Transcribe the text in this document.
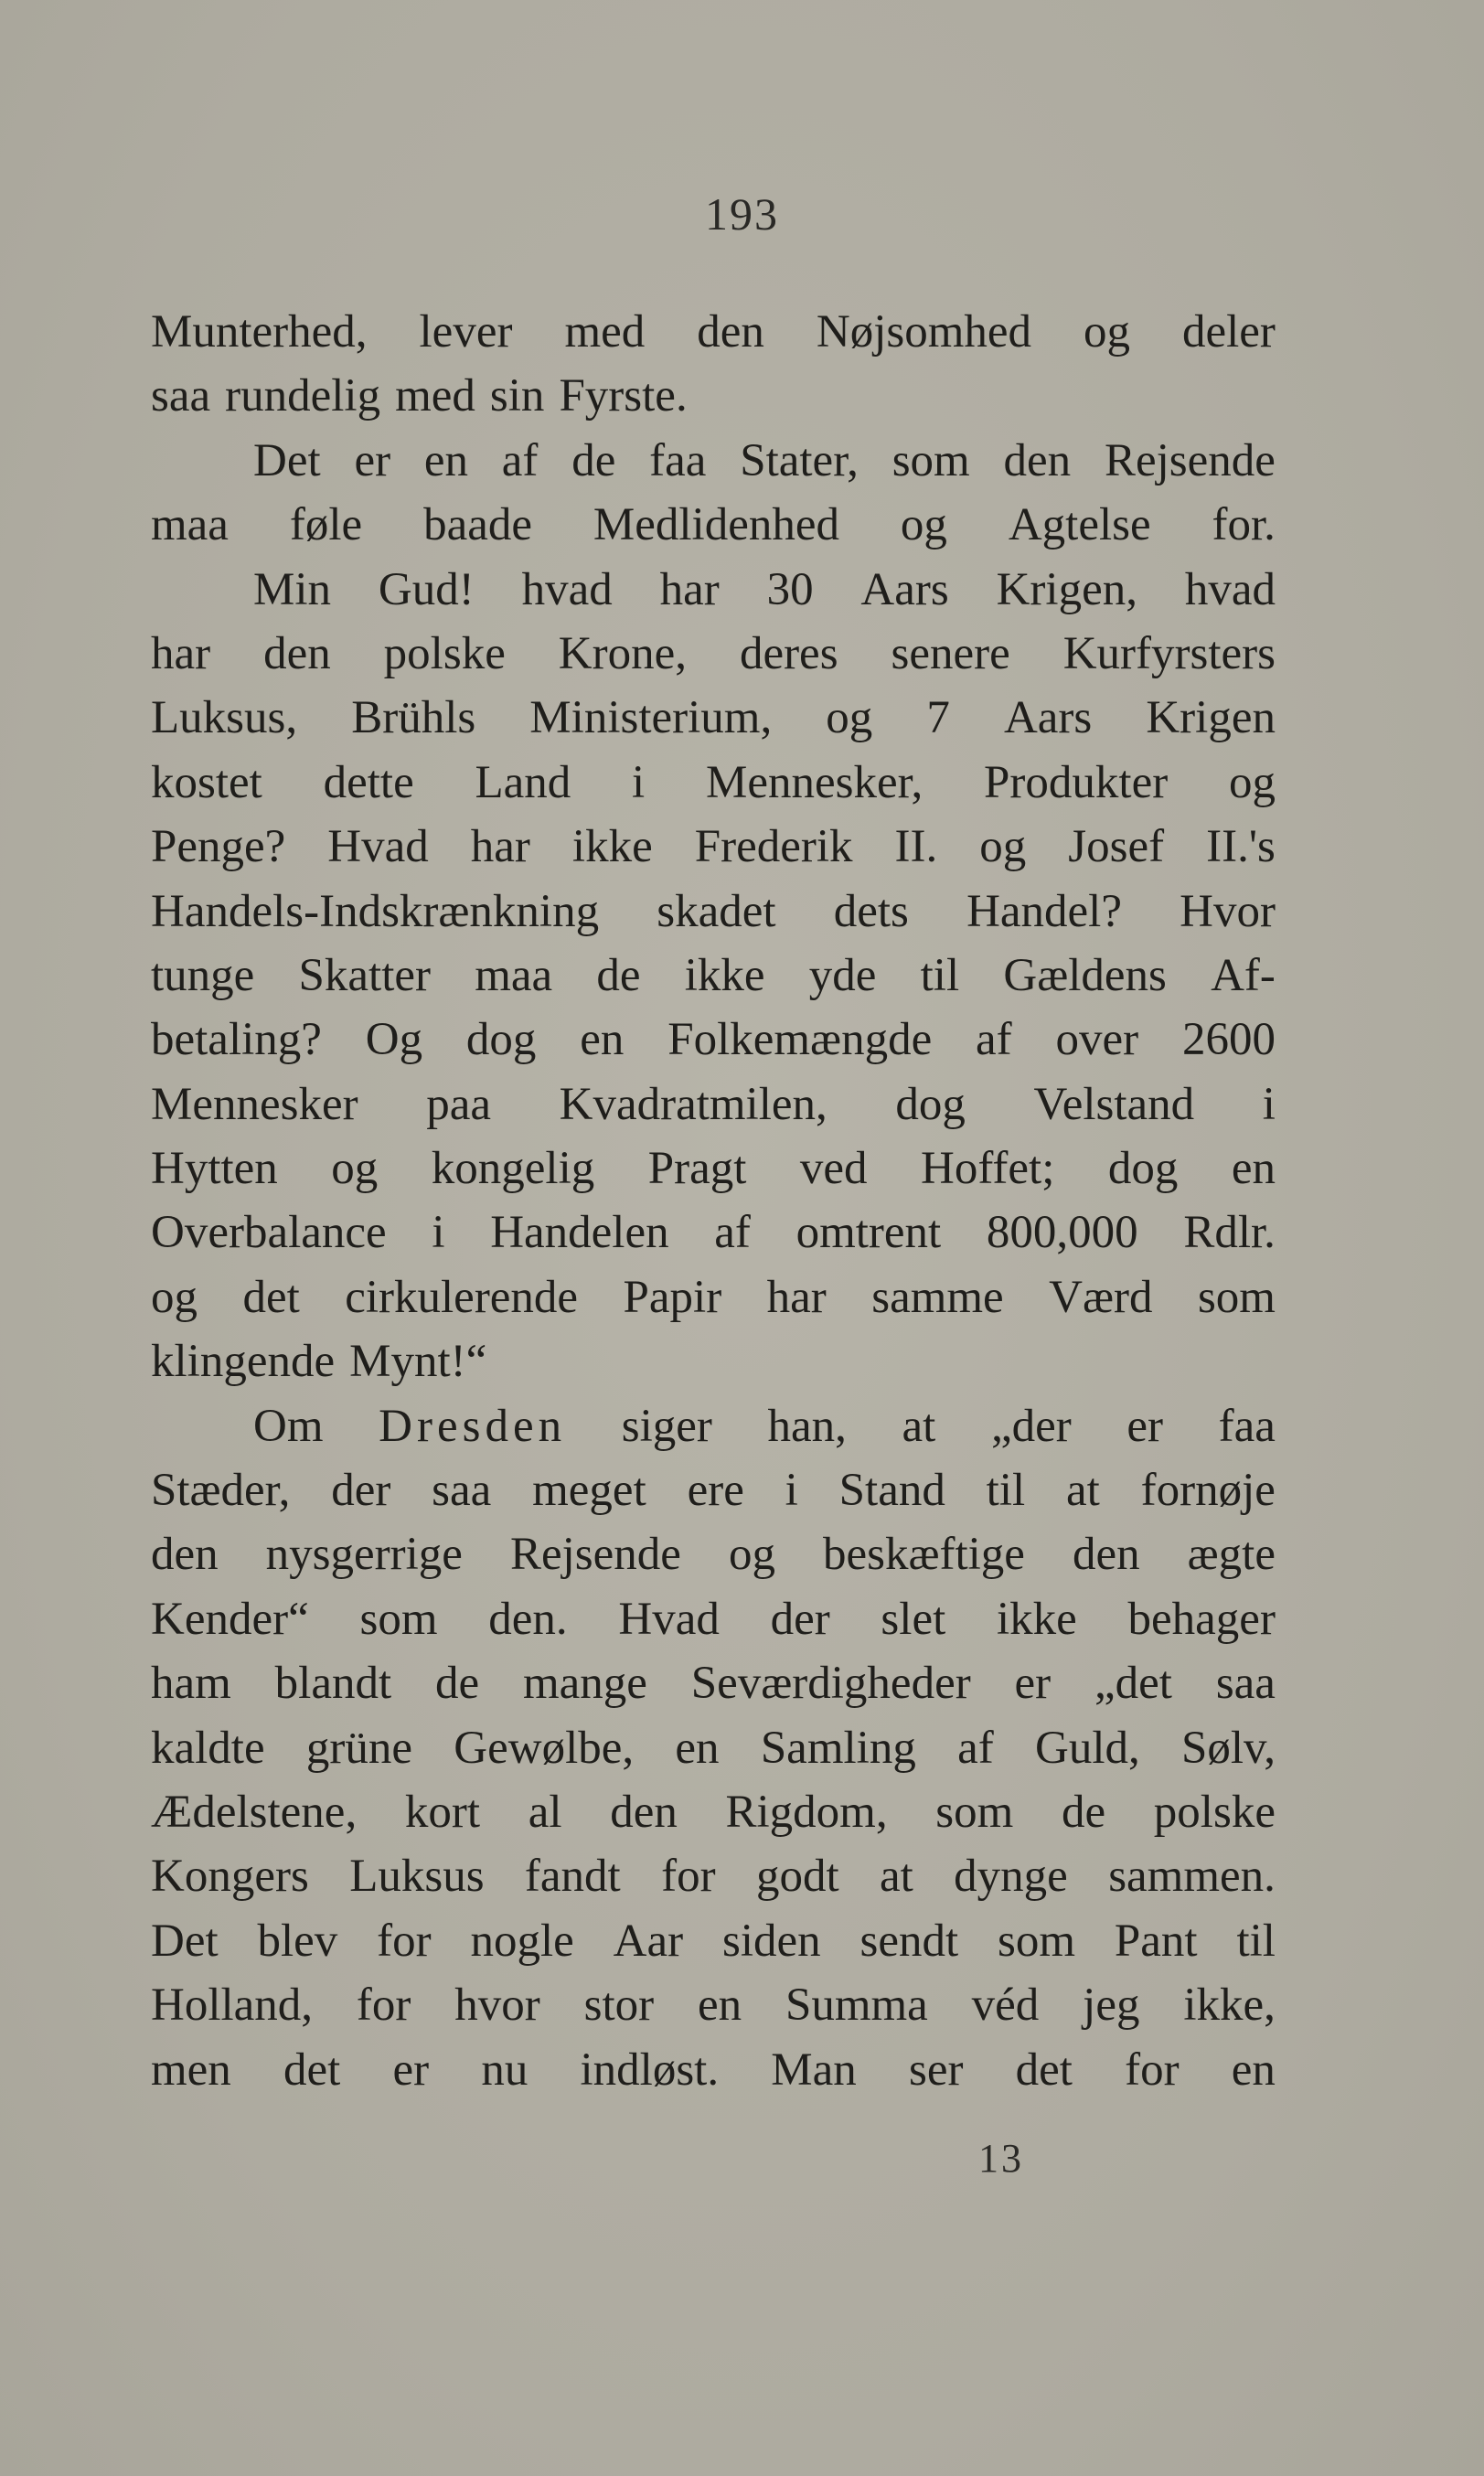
193
Munterhed, lever med den Nøjsomhed og deler
saa rundelig med sin Fyrste.
Det er en af de faa Stater, som den Rejsende
maa føle baade Medlidenhed og Agtelse for.
Min Gud! hvad har 30 Aars Krigen, hvad
har den polske Krone, deres senere Kurfyrsters
Luksus, Brühls Ministerium, og 7 Aars Krigen
kostet dette Land i Mennesker, Produkter og
Penge? Hvad har ikke Frederik II. og Josef II.'s
Handels-Indskrænkning skadet dets Handel? Hvor
tunge Skatter maa de ikke yde til Gældens Af-
betaling? Og dog en Folkemængde af over 2600
Mennesker paa Kvadratmilen, dog Velstand i
Hytten og kongelig Pragt ved Hoffet; dog en
Overbalance i Handelen af omtrent 800,000 Rdlr.
og det cirkulerende Papir har samme Værd som
klingende Mynt!“
Om Dresden siger han, at „der er faa
Stæder, der saa meget ere i Stand til at fornøje
den nysgerrige Rejsende og beskæftige den ægte
Kender“ som den. Hvad der slet ikke behager
ham blandt de mange Seværdigheder er „det saa
kaldte grüne Gewølbe, en Samling af Guld, Sølv,
Ædelstene, kort al den Rigdom, som de polske
Kongers Luksus fandt for godt at dynge sammen.
Det blev for nogle Aar siden sendt som Pant til
Holland, for hvor stor en Summa véd jeg ikke,
men det er nu indløst. Man ser det for en
13
